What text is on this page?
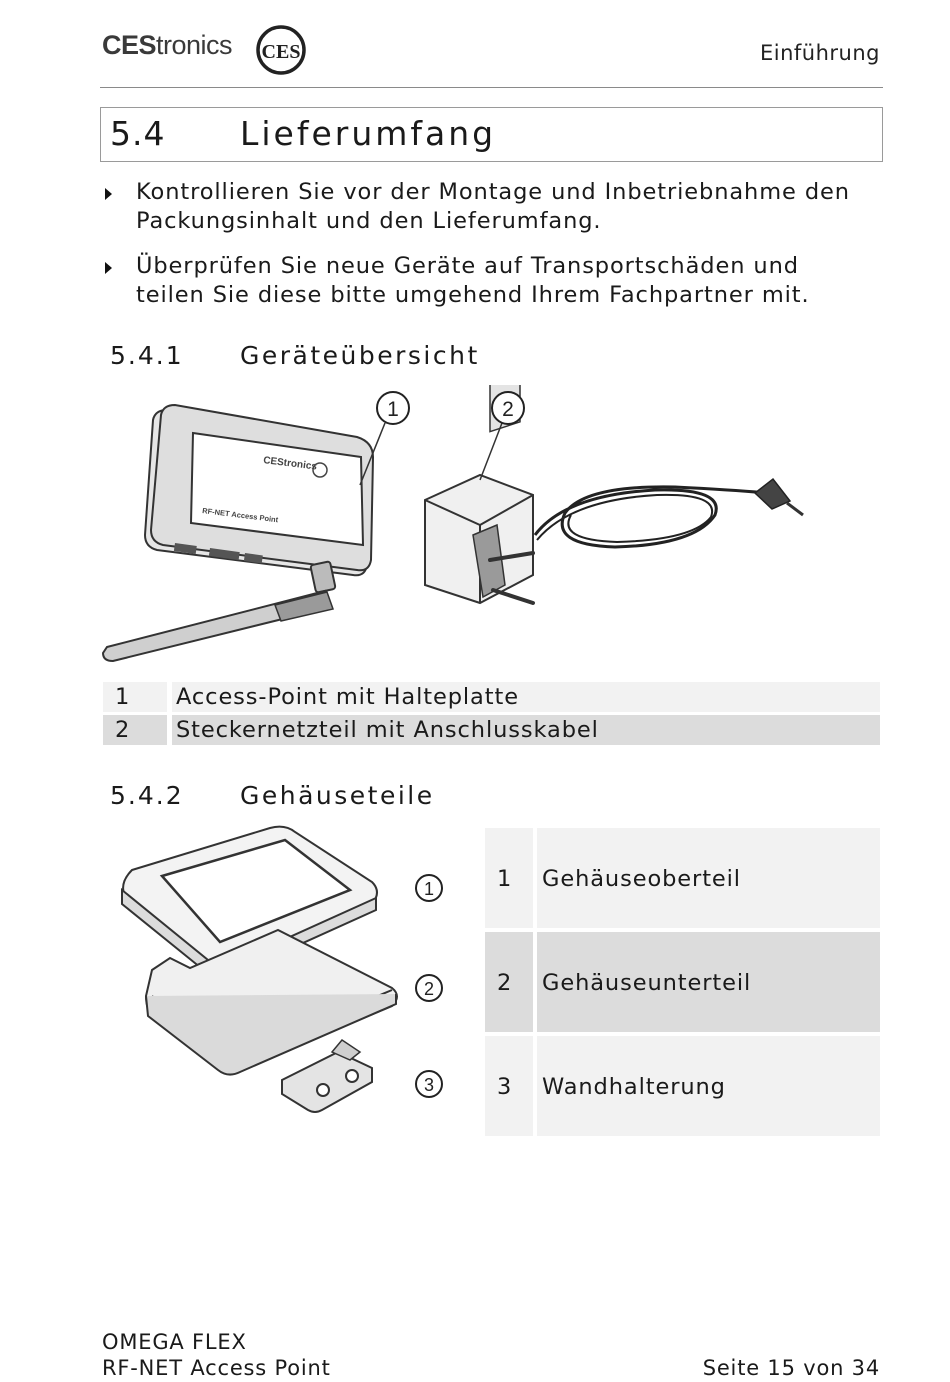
CEStronics CES	Einführung
5.4 Lieferumfang
Kontrollieren Sie vor der Montage und Inbetriebnahme den
Packungsinhalt und den Lieferumfang.
Überprüfen Sie neue Geräte auf Transportschäden und
teilen Sie diese bitte umgehend Ihrem Fachpartner mit.
5.4.1 Geräteübersicht
CEStronics
RF-NET Access Point
1	2
1 Access-Point mit Halteplatte
2 Steckernetzteil mit Anschlusskabel
5.4.2 Gehäuseteile
1
2
3
1 Gehäuseoberteil
2 Gehäuseunterteil
3 Wandhalterung
OMEGA FLEX
RF-NET Access Point	Seite 15 von 34
